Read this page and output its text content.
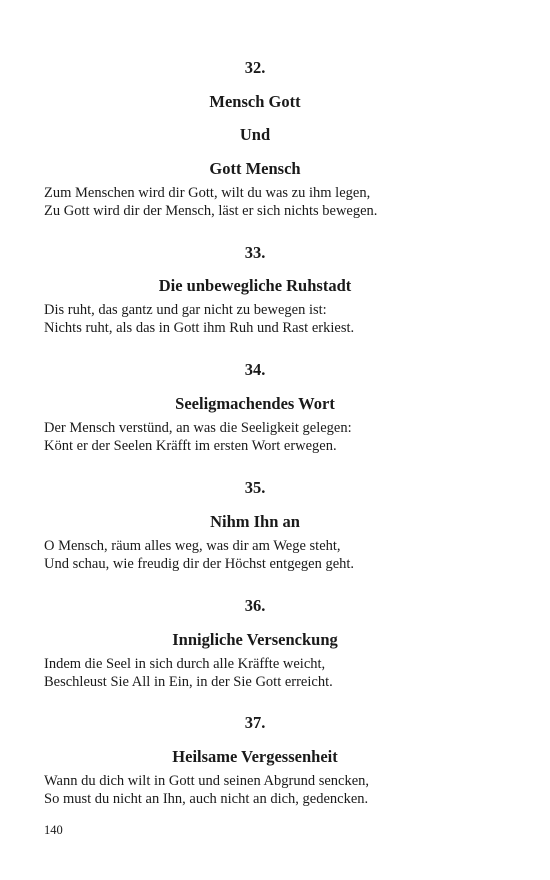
32.
Mensch Gott
Und
Gott Mensch
Zum Menschen wird dir Gott, wilt du was zu ihm legen,
Zu Gott wird dir der Mensch, läst er sich nichts bewegen.
33.
Die unbewegliche Ruhstadt
Dis ruht, das gantz und gar nicht zu bewegen ist:
Nichts ruht, als das in Gott ihm Ruh und Rast erkiest.
34.
Seeligmachendes Wort
Der Mensch verstünd, an was die Seeligkeit gelegen:
Könt er der Seelen Kräfft im ersten Wort erwegen.
35.
Nihm Ihn an
O Mensch, räum alles weg, was dir am Wege steht,
Und schau, wie freudig dir der Höchst entgegen geht.
36.
Innigliche Versenckung
Indem die Seel in sich durch alle Kräffte weicht,
Beschleust Sie All in Ein, in der Sie Gott erreicht.
37.
Heilsame Vergessenheit
Wann du dich wilt in Gott und seinen Abgrund sencken,
So must du nicht an Ihn, auch nicht an dich, gedencken.
140
